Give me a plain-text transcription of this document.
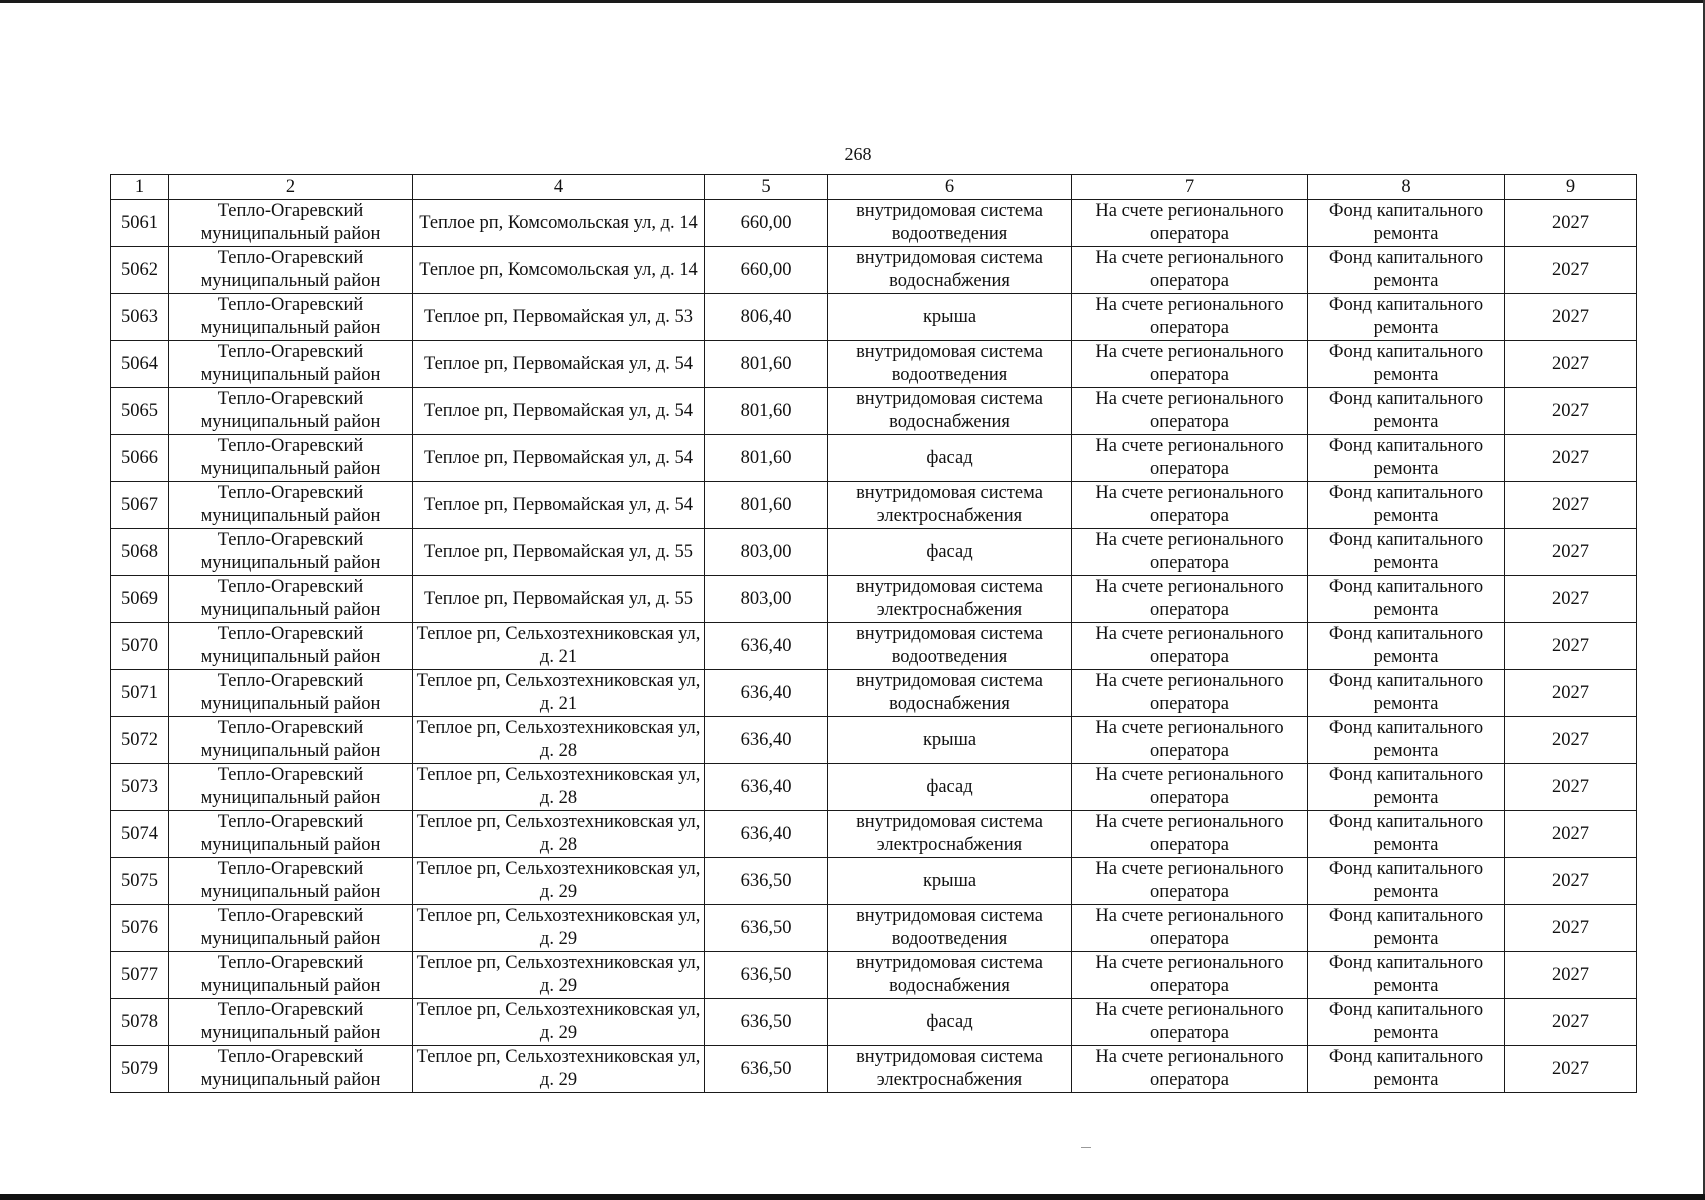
268
1	2	4	5	6	7	8	9
5061	Тепло-Огаревский муниципальный район	Теплое рп, Комсомольская ул, д. 14	660,00	внутридомовая система водоотведения	На счете регионального оператора	Фонд капитального ремонта	2027
5062	Тепло-Огаревский муниципальный район	Теплое рп, Комсомольская ул, д. 14	660,00	внутридомовая система водоснабжения	На счете регионального оператора	Фонд капитального ремонта	2027
5063	Тепло-Огаревский муниципальный район	Теплое рп, Первомайская ул, д. 53	806,40	крыша	На счете регионального оператора	Фонд капитального ремонта	2027
5064	Тепло-Огаревский муниципальный район	Теплое рп, Первомайская ул, д. 54	801,60	внутридомовая система водоотведения	На счете регионального оператора	Фонд капитального ремонта	2027
5065	Тепло-Огаревский муниципальный район	Теплое рп, Первомайская ул, д. 54	801,60	внутридомовая система водоснабжения	На счете регионального оператора	Фонд капитального ремонта	2027
5066	Тепло-Огаревский муниципальный район	Теплое рп, Первомайская ул, д. 54	801,60	фасад	На счете регионального оператора	Фонд капитального ремонта	2027
5067	Тепло-Огаревский муниципальный район	Теплое рп, Первомайская ул, д. 54	801,60	внутридомовая система электроснабжения	На счете регионального оператора	Фонд капитального ремонта	2027
5068	Тепло-Огаревский муниципальный район	Теплое рп, Первомайская ул, д. 55	803,00	фасад	На счете регионального оператора	Фонд капитального ремонта	2027
5069	Тепло-Огаревский муниципальный район	Теплое рп, Первомайская ул, д. 55	803,00	внутридомовая система электроснабжения	На счете регионального оператора	Фонд капитального ремонта	2027
5070	Тепло-Огаревский муниципальный район	Теплое рп, Сельхозтехниковская ул, д. 21	636,40	внутридомовая система водоотведения	На счете регионального оператора	Фонд капитального ремонта	2027
5071	Тепло-Огаревский муниципальный район	Теплое рп, Сельхозтехниковская ул, д. 21	636,40	внутридомовая система водоснабжения	На счете регионального оператора	Фонд капитального ремонта	2027
5072	Тепло-Огаревский муниципальный район	Теплое рп, Сельхозтехниковская ул, д. 28	636,40	крыша	На счете регионального оператора	Фонд капитального ремонта	2027
5073	Тепло-Огаревский муниципальный район	Теплое рп, Сельхозтехниковская ул, д. 28	636,40	фасад	На счете регионального оператора	Фонд капитального ремонта	2027
5074	Тепло-Огаревский муниципальный район	Теплое рп, Сельхозтехниковская ул, д. 28	636,40	внутридомовая система электроснабжения	На счете регионального оператора	Фонд капитального ремонта	2027
5075	Тепло-Огаревский муниципальный район	Теплое рп, Сельхозтехниковская ул, д. 29	636,50	крыша	На счете регионального оператора	Фонд капитального ремонта	2027
5076	Тепло-Огаревский муниципальный район	Теплое рп, Сельхозтехниковская ул, д. 29	636,50	внутридомовая система водоотведения	На счете регионального оператора	Фонд капитального ремонта	2027
5077	Тепло-Огаревский муниципальный район	Теплое рп, Сельхозтехниковская ул, д. 29	636,50	внутридомовая система водоснабжения	На счете регионального оператора	Фонд капитального ремонта	2027
5078	Тепло-Огаревский муниципальный район	Теплое рп, Сельхозтехниковская ул, д. 29	636,50	фасад	На счете регионального оператора	Фонд капитального ремонта	2027
5079	Тепло-Огаревский муниципальный район	Теплое рп, Сельхозтехниковская ул, д. 29	636,50	внутридомовая система электроснабжения	На счете регионального оператора	Фонд капитального ремонта	2027
